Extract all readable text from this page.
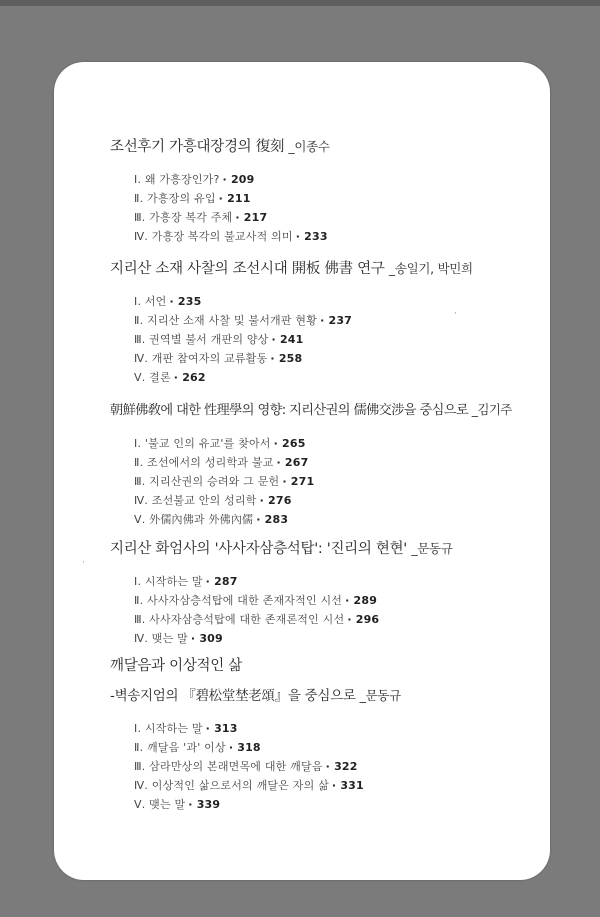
조선후기 가흥대장경의 復刻 _이종수
Ⅰ. 왜 가흥장인가? · 209
Ⅱ. 가흥장의 유입 · 211
Ⅲ. 가흥장 복각 주체 · 217
Ⅳ. 가흥장 복각의 불교사적 의미 · 233
지리산 소재 사찰의 조선시대 開板 佛書 연구 _송일기, 박민희
Ⅰ. 서언 · 235
Ⅱ. 지리산 소재 사찰 및 불서개판 현황 · 237
Ⅲ. 권역별 불서 개판의 양상 · 241
Ⅳ. 개판 참여자의 교류활동 · 258
Ⅴ. 결론 · 262
朝鮮佛敎에 대한 性理學의 영향: 지리산권의 儒佛交涉을 중심으로 _김기주
Ⅰ. '불교 인의 유교'를 찾아서 · 265
Ⅱ. 조선에서의 성리학과 불교 · 267
Ⅲ. 지리산권의 승려와 그 문헌 · 271
Ⅳ. 조선불교 안의 성리학 · 276
Ⅴ. 外儒內佛과 外佛內儒 · 283
지리산 화엄사의 '사사자삼층석탑': '진리의 현현' _문동규
Ⅰ. 시작하는 말 · 287
Ⅱ. 사사자삼층석탑에 대한 존재자적인 시선 · 289
Ⅲ. 사사자삼층석탑에 대한 존재론적인 시선 · 296
Ⅳ. 맺는 말 · 309
깨달음과 이상적인 삶
-벽송지엄의 『碧松堂埜老頌』을 중심으로 _문동규
Ⅰ. 시작하는 말 · 313
Ⅱ. 깨달음 '과' 이상 · 318
Ⅲ. 삼라만상의 본래면목에 대한 깨달음 · 322
Ⅳ. 이상적인 삶으로서의 깨달은 자의 삶 · 331
Ⅴ. 맺는 말 · 339
·
·
